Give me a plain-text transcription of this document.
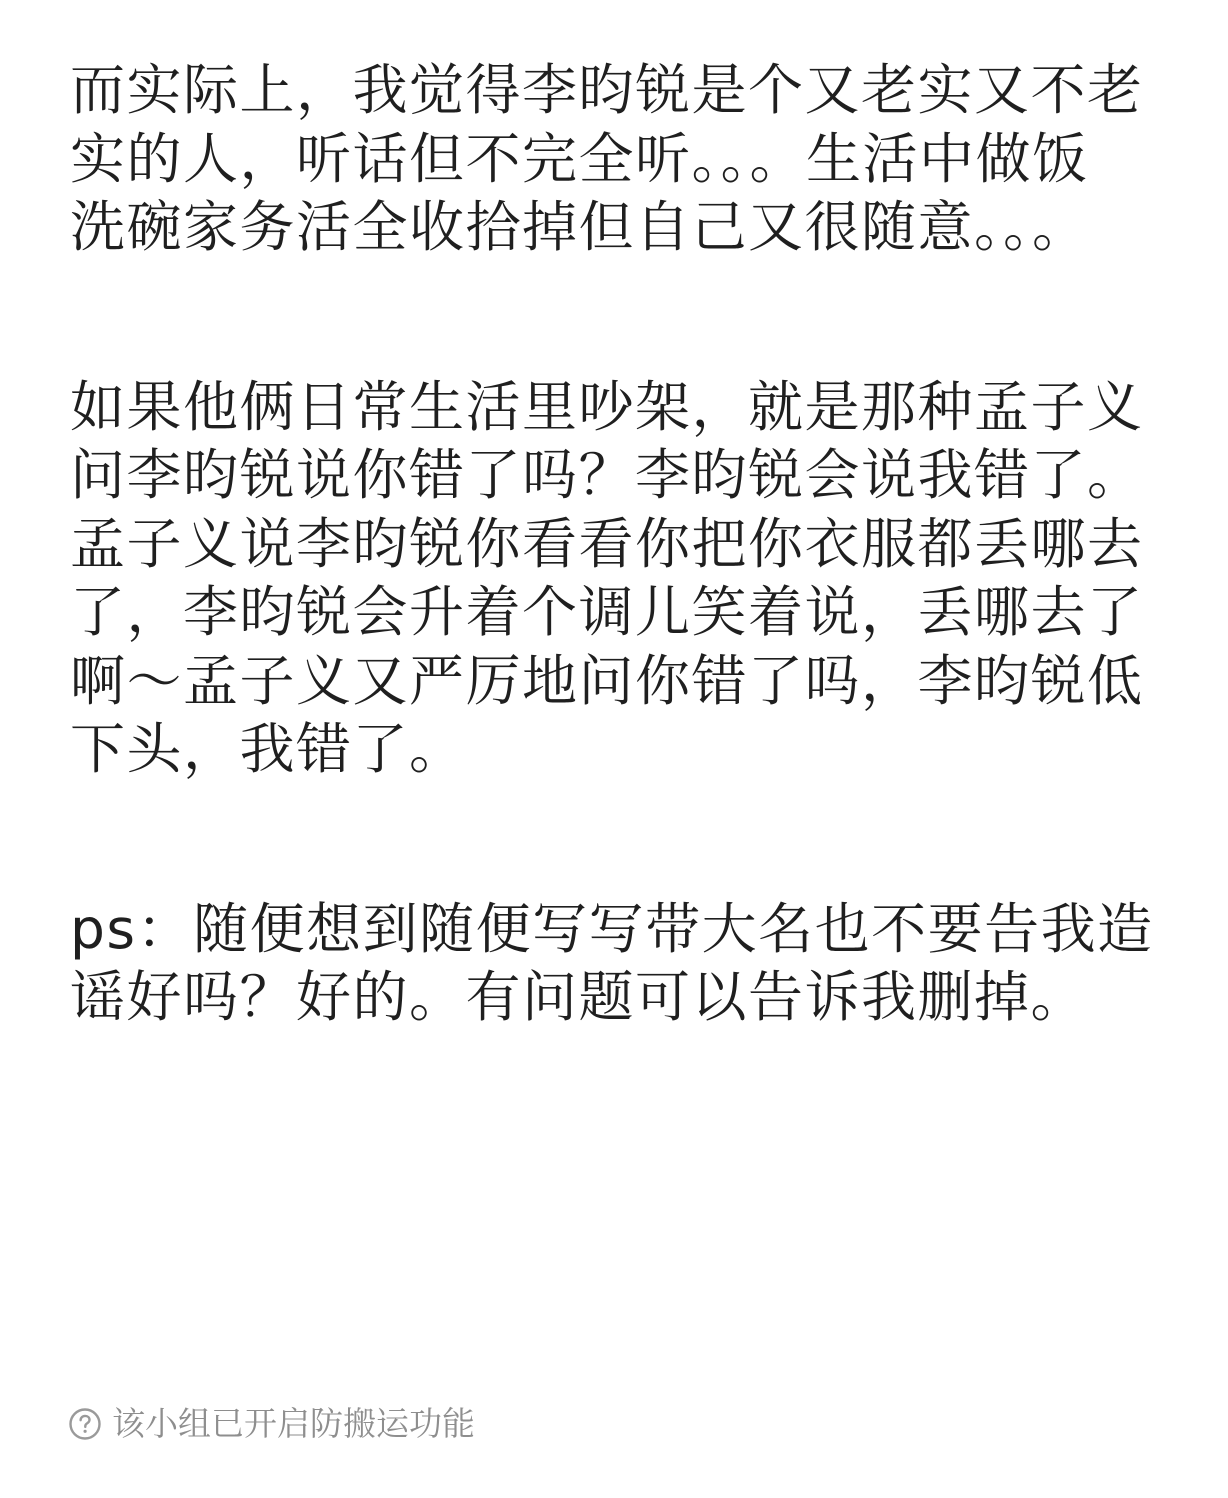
而实际上，我觉得李昀锐是个又老实又不老
实的人，听话但不完全听。。。生活中做饭
洗碗家务活全收拾掉但自己又很随意。。。

如果他俩日常生活里吵架，就是那种孟子义
问李昀锐说你错了吗？李昀锐会说我错了。
孟子义说李昀锐你看看你把你衣服都丢哪去
了，李昀锐会升着个调儿笑着说，丢哪去了
啊～孟子义又严厉地问你错了吗，李昀锐低
下头，我错了。

ps：随便想到随便写写带大名也不要告我造
谣好吗？好的。有问题可以告诉我删掉。

该小组已开启防搬运功能
